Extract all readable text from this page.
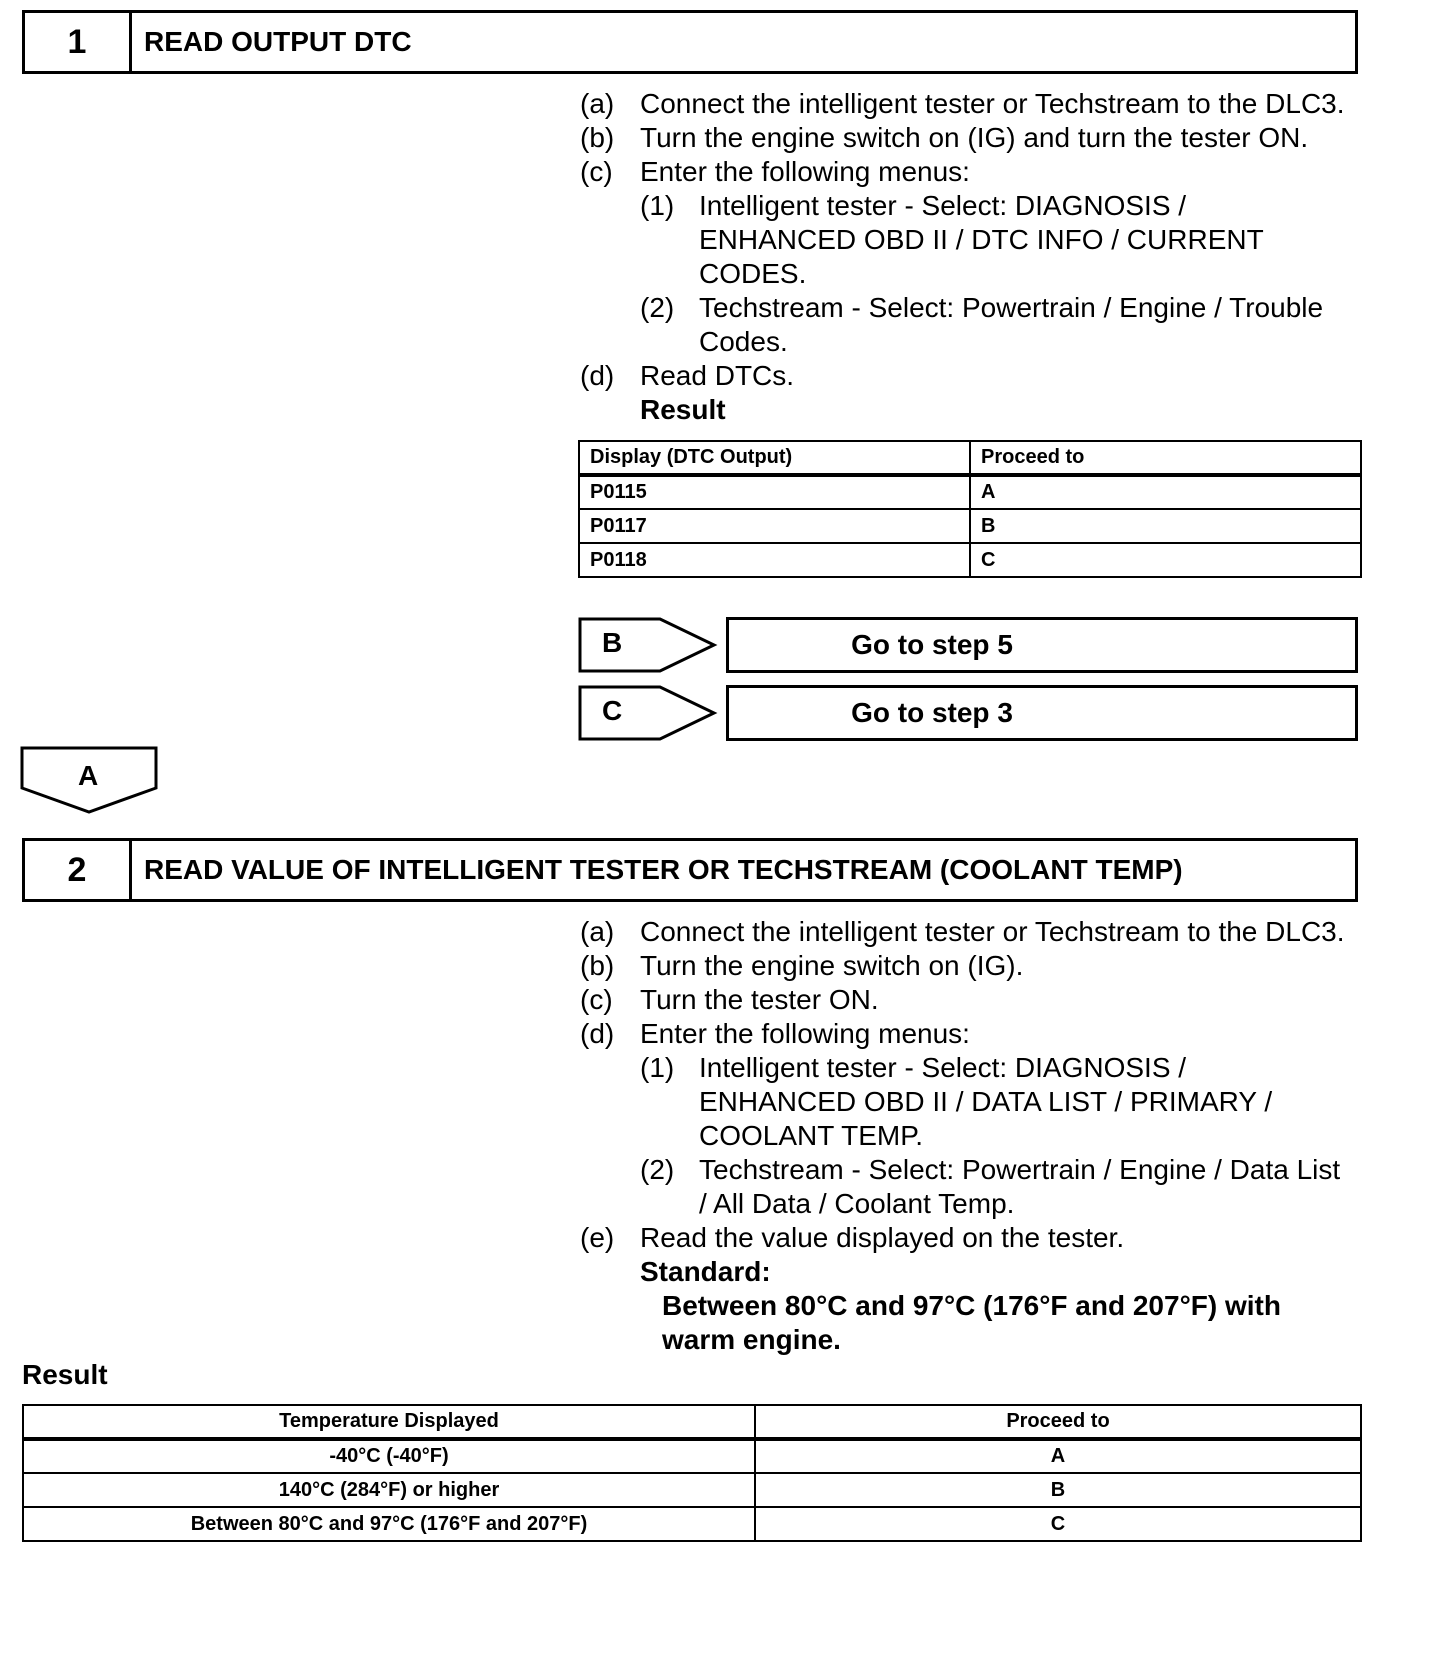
1	READ OUTPUT DTC
(a) Connect the intelligent tester or Techstream to the DLC3.
(b) Turn the engine switch on (IG) and turn the tester ON.
(c) Enter the following menus:
(1) Intelligent tester - Select: DIAGNOSIS /
ENHANCED OBD II / DTC INFO / CURRENT
CODES.
(2) Techstream - Select: Powertrain / Engine / Trouble
Codes.
(d) Read DTCs.
Result
Display (DTC Output)	Proceed to
P0115	A
P0117	B
P0118	C
B	Go to step 5
C	Go to step 3
A
2	READ VALUE OF INTELLIGENT TESTER OR TECHSTREAM (COOLANT TEMP)
(a) Connect the intelligent tester or Techstream to the DLC3.
(b) Turn the engine switch on (IG).
(c) Turn the tester ON.
(d) Enter the following menus:
(1) Intelligent tester - Select: DIAGNOSIS /
ENHANCED OBD II / DATA LIST / PRIMARY /
COOLANT TEMP.
(2) Techstream - Select: Powertrain / Engine / Data List
/ All Data / Coolant Temp.
(e) Read the value displayed on the tester.
Standard:
Between 80°C and 97°C (176°F and 207°F) with
warm engine.
Result
Temperature Displayed	Proceed to
-40°C (-40°F)	A
140°C (284°F) or higher	B
Between 80°C and 97°C (176°F and 207°F)	C
